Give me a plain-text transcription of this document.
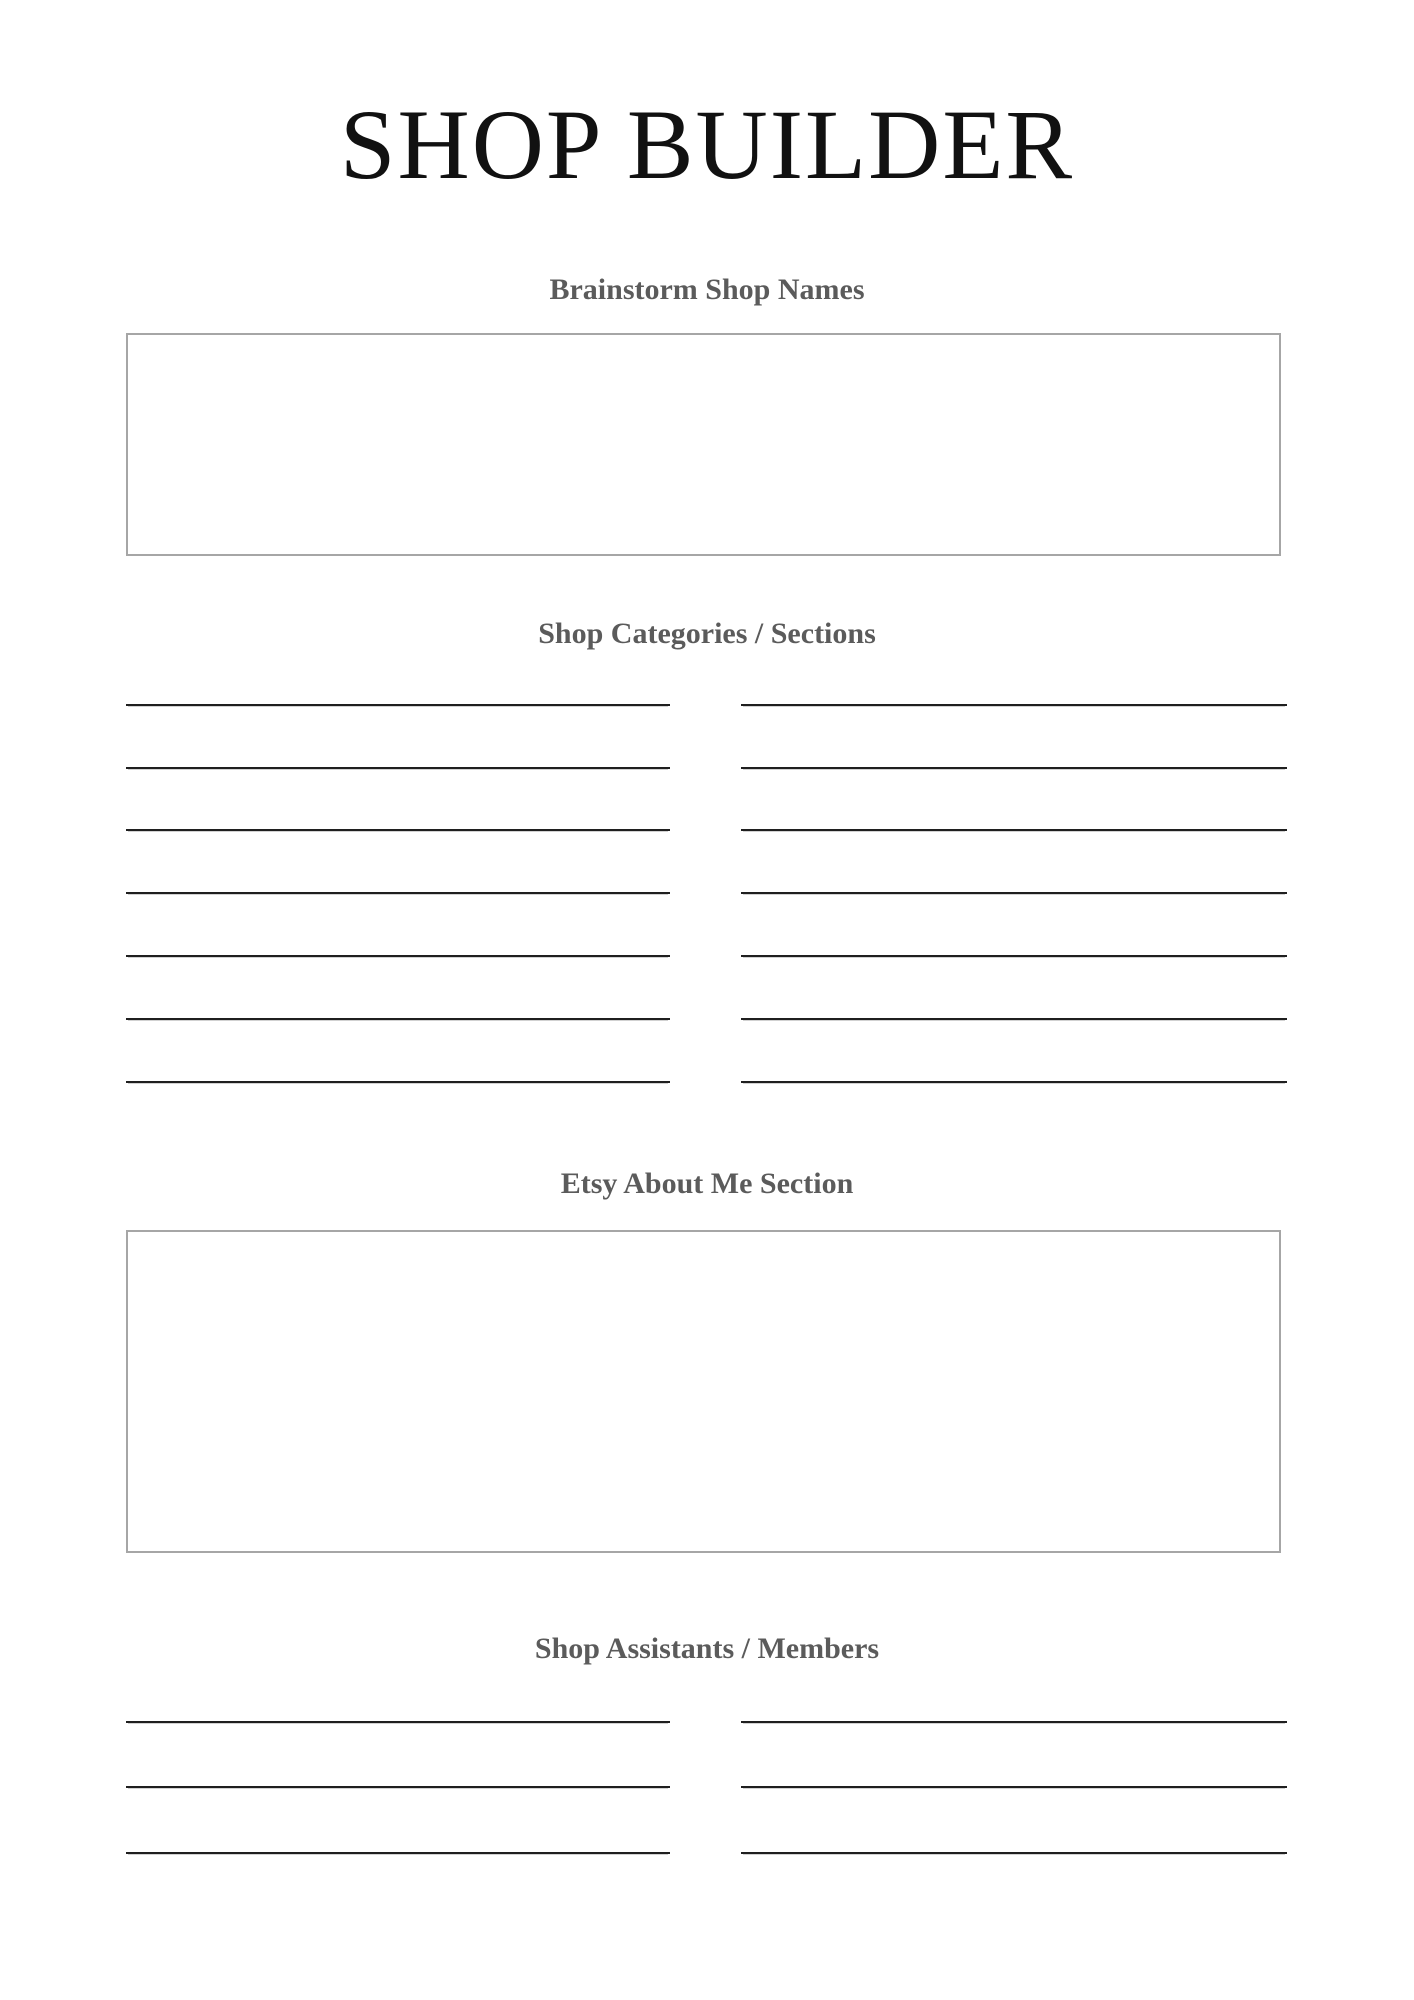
SHOP BUILDER
Brainstorm Shop Names
Shop Categories / Sections
Etsy About Me Section
Shop Assistants / Members
